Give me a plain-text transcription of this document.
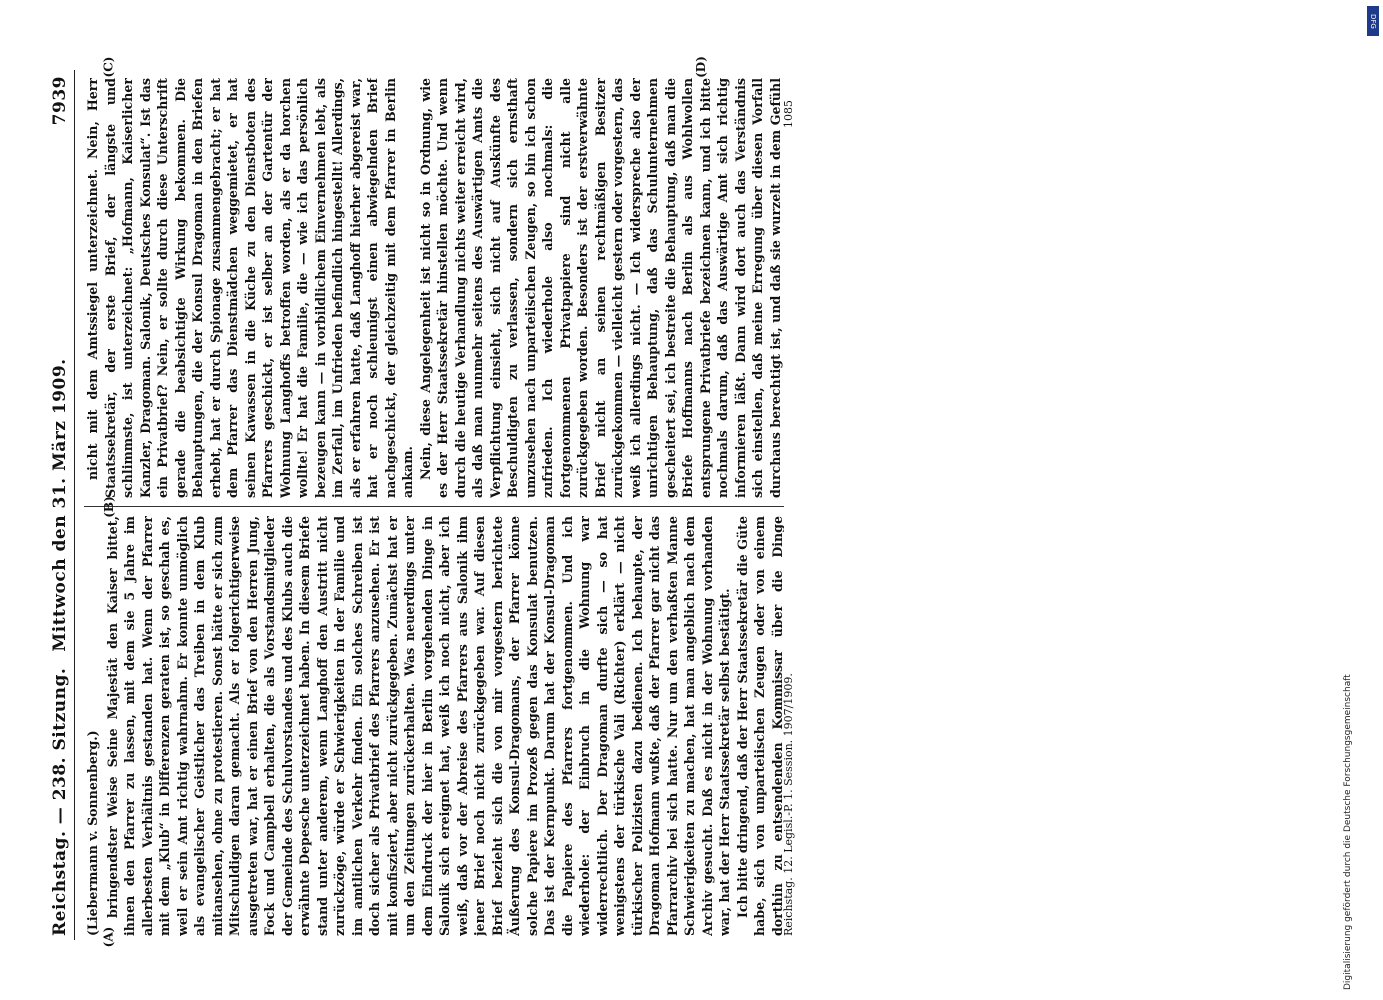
Reichstag. — 238. Sitzung.
Mittwoch den 31. März 1909.
7939
(Liebermann v. Sonnenberg.) bringendster Weise Seine Majestät den Kaiser bittet, ihnen den Pfarrer zu lassen, mit dem sie 5 Jahre im allerbesten Verhältnis gestanden hat. Wenn der Pfarrer mit dem „Klub“ in Differenzen geraten ist, so geschah es, weil er sein Amt richtig wahrnahm. Er konnte unmöglich als evangelischer Geistlicher das Treiben in dem Klub mitansehen, ohne zu protestieren. Sonst hätte er sich zum Mitschuldigen daran gemacht. Als er folgerichtigerweise ausgetreten war, hat er einen Brief von den Herren Jung, Fock und Campbell erhalten, die als Vorstandsmitglieder der Gemeinde des Schulvorstandes und des Klubs auch die erwähnte Depesche unterzeichnet haben. In diesem Briefe stand unter anderem, wenn Langhoff den Austritt nicht zurückzöge, würde er Schwierigkeiten in der Familie und im amtlichen Verkehr finden. Ein solches Schreiben ist doch sicher als Privatbrief des Pfarrers anzusehen. Er ist mit konfisziert, aber nicht zurückgegeben. Zunächst hat er um den Zeitungen zurückerhalten. Was neuerdings unter dem Eindruck der hier in Berlin vorgehenden Dinge in Salonik sich ereignet hat, weiß ich noch nicht, aber ich weiß, daß vor der Abreise des Pfarrers aus Salonik ihm jener Brief noch nicht zurückgegeben war. Auf diesen Brief bezieht sich die von mir vorgestern berichtete Äußerung des Konsul-Dragomans, der Pfarrer könne solche Papiere im Prozeß gegen das Konsulat benutzen. Das ist der Kernpunkt. Darum hat der Konsul-Dragoman die Papiere des Pfarrers fortgenommen. Und ich wiederhole: der Einbruch in die Wohnung war widerrechtlich. Der Dragoman durfte sich — so hat wenigstens der türkische Vali (Richter) erklärt — nicht türkischer Polizisten dazu bedienen. Ich behaupte, der Dragoman Hofmann wußte, daß der Pfarrer gar nicht das Pfarrarchiv bei sich hatte. Nur um den verhaßten Manne Schwierigkeiten zu machen, hat man angeblich nach dem Archiv gesucht. Daß es nicht in der Wohnung vorhanden war, hat der Herr Staatssekretär selbst bestätigt. Ich bitte dringend, daß der Herr Staatssekretär die Güte habe, sich von unparteiischen Zeugen oder von einem dorthin zu entsendenden Kommissar über die Dinge

nicht mit dem Amtssiegel unterzeichnet. Nein, Herr Staatssekretär, der erste Brief, der längste und schlimmste, ist unterzeichnet: „Hofmann, Kaiserlicher Kanzler, Dragoman. Salonik, Deutsches Konsulat“. Ist das ein Privatbrief? Nein, er sollte durch diese Unterschrift gerade die beabsichtigte Wirkung bekommen. Die Behauptungen, die der Konsul Dragoman in den Briefen erhebt, hat er durch Spionage zusammengebracht; er hat dem Pfarrer das Dienstmädchen weggemietet, er hat seinen Kawassen in die Küche zu den Dienstboten des Pfarrers geschickt, er ist selber an der Gartentür der Wohnung Langhoffs betroffen worden, als er da horchen wollte! Er hat die Familie, die — wie ich das persönlich bezeugen kann — in vorbildlichem Einvernehmen lebt, als im Zerfall, im Unfrieden befindlich hingestellt! Allerdings, als er erfahren hatte, daß Langhoff hierher abgereist war, hat er noch schleunigst einen abwiegelnden Brief nachgeschickt, der gleichzeitig mit dem Pfarrer in Berlin ankam. Nein, diese Angelegenheit ist nicht so in Ordnung, wie es der Herr Staatssekretär hinstellen möchte. Und wenn durch die heutige Verhandlung nichts weiter erreicht wird, als daß man nunmehr seitens des Auswärtigen Amts die Verpflichtung einsieht, sich nicht auf Auskünfte des Beschuldigten zu verlassen, sondern sich ernsthaft umzusehen nach unparteiischen Zeugen, so bin ich schon zufrieden. Ich wiederhole also nochmals: die fortgenommenen Privatpapiere sind nicht alle zurückgegeben worden. Besonders ist der erstverwähnte Brief nicht an seinen rechtmäßigen Besitzer zurückgekommen — vielleicht gestern oder vorgestern, das weiß ich allerdings nicht. — Ich widerspreche also der unrichtigen Behauptung, daß das Schulunternehmen gescheitert sei, ich bestreite die Behauptung, daß man die Briefe Hoffmanns nach Berlin als aus Wohlwollen entsprungene Privatbriefe bezeichnen kann, und ich bitte nochmals darum, daß das Auswärtige Amt sich richtig informieren läßt. Dann wird dort auch das Verständnis sich einstellen, daß meine Erregung über diesen Vorfall durchaus berechtigt ist, und daß sie wurzelt in dem Gefühl

Reichstag. 12. Legisl.-P. 1. Session. 1907/1909.
1085
(A)
(B)
(C)	(D)
Digitalisierung gefördert durch die Deutsche Forschungsgemeinschaft
DFG
